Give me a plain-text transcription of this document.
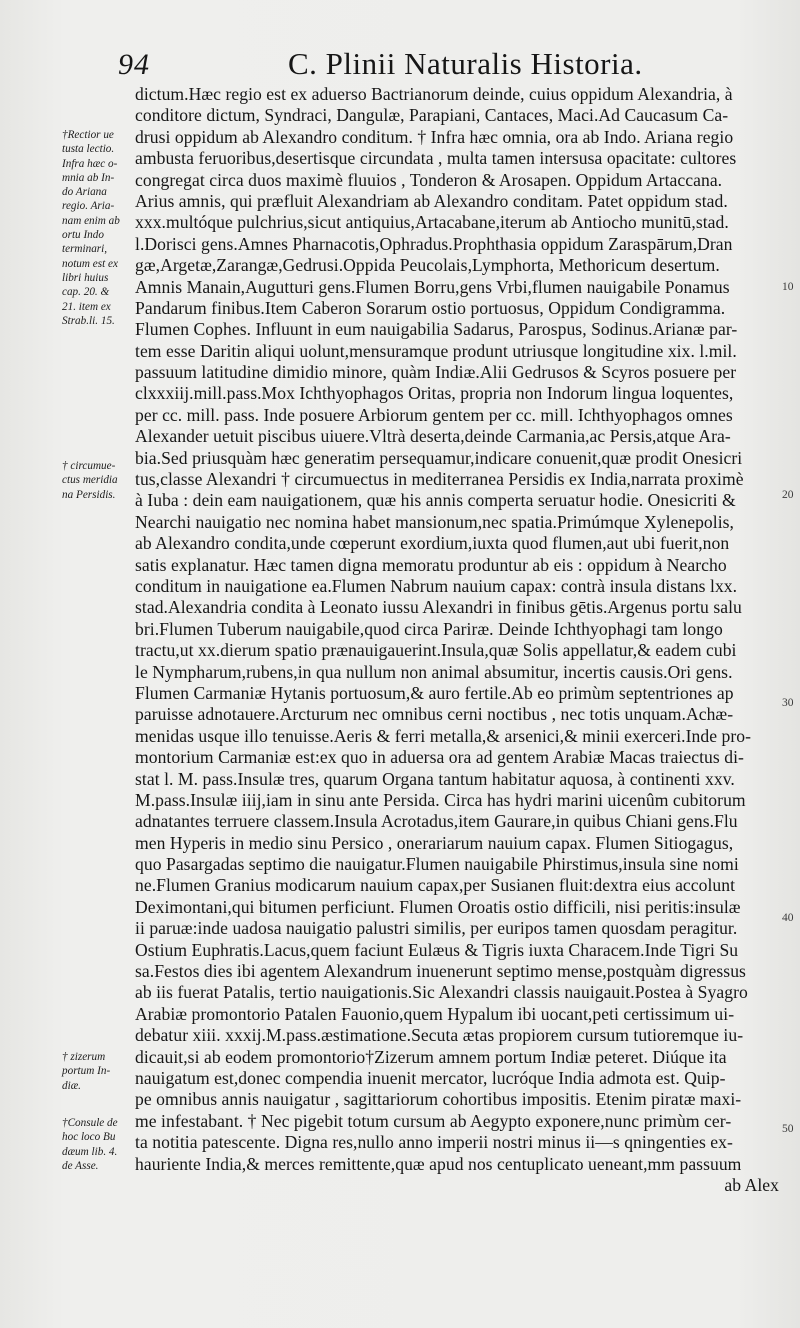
94	C. Plinii Naturalis Historia.
dictum.Hæc regio est ex aduerso Bactrianorum deinde, cuius oppidum Alexandria, à
conditore dictum, Syndraci, Dangulæ, Parapiani, Cantaces, Maci.Ad Caucasum Ca-
drusi oppidum ab Alexandro conditum. † Infra hæc omnia, ora ab Indo. Ariana regio
ambusta feruoribus,desertisque circundata , multa tamen intersusa opacitate: cultores
congregat circa duos maximè fluuios , Tonderon & Arosapen. Oppidum Artaccana.
Arius amnis, qui præfluit Alexandriam ab Alexandro conditam. Patet oppidum stad.
xxx.multóque pulchrius,sicut antiquius,Artacabane,iterum ab Antiocho munitū,stad.
l.Dorisci gens.Amnes Pharnacotis,Ophradus.Prophthasia oppidum Zaraspārum,Dran
gæ,Argetæ,Zarangæ,Gedrusi.Oppida Peucolais,Lymphorta, Methoricum desertum.
Amnis Manain,Augutturi gens.Flumen Borru,gens Vrbi,flumen nauigabile Ponamus
Pandarum finibus.Item Caberon Sorarum ostio portuosus, Oppidum Condigramma.
Flumen Cophes. Influunt in eum nauigabilia Sadarus, Parospus, Sodinus.Arianæ par-
tem esse Daritin aliqui uolunt,mensuramque produnt utriusque longitudine xix. l.mil.
passuum latitudine dimidio minore, quàm Indiæ.Alii Gedrusos & Scyros posuere per
clxxxiij.mill.pass.Mox Ichthyophagos Oritas, propria non Indorum lingua loquentes,
per cc. mill. pass. Inde posuere Arbiorum gentem per cc. mill. Ichthyophagos omnes
Alexander uetuit piscibus uiuere.Vltrà deserta,deinde Carmania,ac Persis,atque Ara-
bia.Sed priusquàm hæc generatim persequamur,indicare conuenit,quæ prodit Onesicri
tus,classe Alexandri † circumuectus in mediterranea Persidis ex India,narrata proximè
à Iuba : dein eam nauigationem, quæ his annis comperta seruatur hodie. Onesicriti &
Nearchi nauigatio nec nomina habet mansionum,nec spatia.Primúmque Xylenepolis,
ab Alexandro condita,unde cœperunt exordium,iuxta quod flumen,aut ubi fuerit,non
satis explanatur. Hæc tamen digna memoratu produntur ab eis : oppidum à Nearcho
conditum in nauigatione ea.Flumen Nabrum nauium capax: contrà insula distans lxx.
stad.Alexandria condita à Leonato iussu Alexandri in finibus gētis.Argenus portu salu
bri.Flumen Tuberum nauigabile,quod circa Pariræ. Deinde Ichthyophagi tam longo
tractu,ut xx.dierum spatio prænauigauerint.Insula,quæ Solis appellatur,& eadem cubi
le Nympharum,rubens,in qua nullum non animal absumitur, incertis causis.Ori gens.
Flumen Carmaniæ Hytanis portuosum,& auro fertile.Ab eo primùm septentriones ap
paruisse adnotauere.Arcturum nec omnibus cerni noctibus , nec totis unquam.Achæ-
menidas usque illo tenuisse.Aeris & ferri metalla,& arsenici,& minii exerceri.Inde pro-
montorium Carmaniæ est:ex quo in aduersa ora ad gentem Arabiæ Macas traiectus di-
stat l. M. pass.Insulæ tres, quarum Organa tantum habitatur aquosa, à continenti xxv.
M.pass.Insulæ iiij,iam in sinu ante Persida. Circa has hydri marini uicenûm cubitorum
adnatantes terruere classem.Insula Acrotadus,item Gaurare,in quibus Chiani gens.Flu
men Hyperis in medio sinu Persico , onerariarum nauium capax. Flumen Sitiogagus,
quo Pasargadas septimo die nauigatur.Flumen nauigabile Phirstimus,insula sine nomi
ne.Flumen Granius modicarum nauium capax,per Susianen fluit:dextra eius accolunt
Deximontani,qui bitumen perficiunt. Flumen Oroatis ostio difficili, nisi peritis:insulæ
ii paruæ:inde uadosa nauigatio palustri similis, per euripos tamen quosdam peragitur.
Ostium Euphratis.Lacus,quem faciunt Eulæus & Tigris iuxta Characem.Inde Tigri Su
sa.Festos dies ibi agentem Alexandrum inuenerunt septimo mense,postquàm digressus
ab iis fuerat Patalis, tertio nauigationis.Sic Alexandri classis nauigauit.Postea à Syagro
Arabiæ promontorio Patalen Fauonio,quem Hypalum ibi uocant,peti certissimum ui-
debatur xiii. xxxij.M.pass.æstimatione.Secuta ætas propiorem cursum tutioremque iu-
dicauit,si ab eodem promontorio†Zizerum amnem portum Indiæ peteret. Diúque ita
nauigatum est,donec compendia inuenit mercator, lucróque India admota est. Quip-
pe omnibus annis nauigatur , sagittariorum cohortibus impositis. Etenim piratæ maxi-
me infestabant. † Nec pigebit totum cursum ab Aegypto exponere,nunc primùm cer-
ta notitia patescente. Digna res,nullo anno imperii nostri minus ii—s qningenties ex-
hauriente India,& merces remittente,quæ apud nos centuplicato ueneant,mm passuum
ab Alex
†Rectior ue
tusta lectio.
Infra hæc o-
mnia ab In-
do Ariana
regio. Aria-
nam enim ab
ortu Indo
terminari,
notum est ex
libri huius
cap. 20. &
21. item ex
Strab.li. 15.
† circumue-
ctus meridia
na Persidis.
† zizerum
portum In-
diæ.
†Consule de
hoc loco Bu
dæum lib. 4.
de Asse.
10
20
30
40
50
